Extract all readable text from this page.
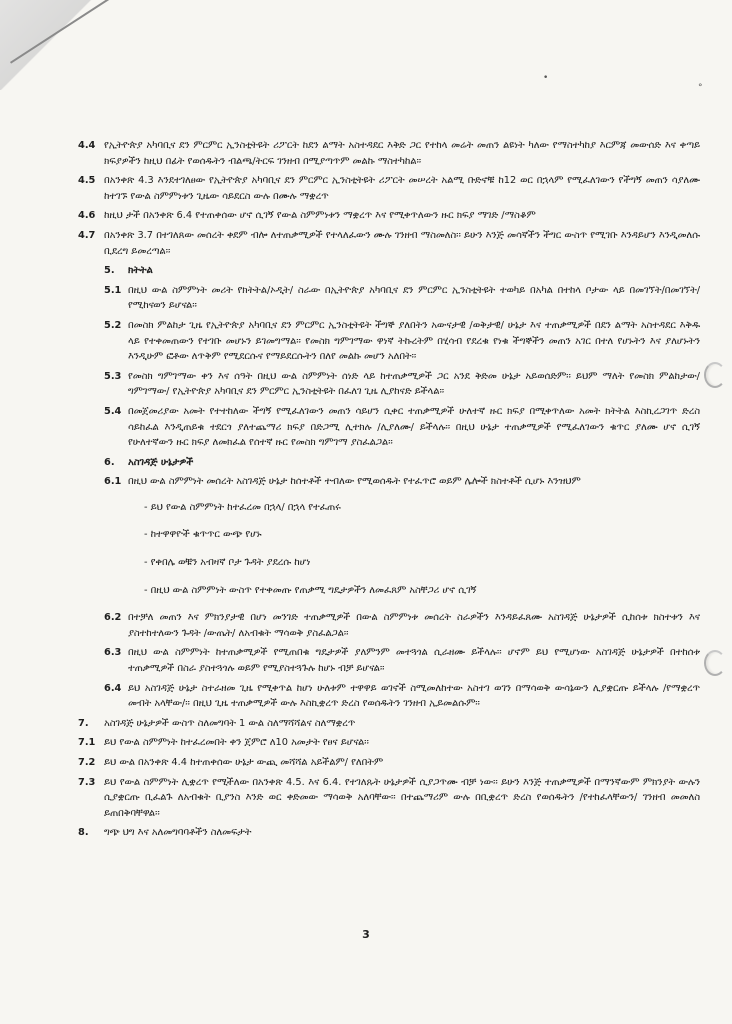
•
°
4.4 የኢትዮጵያ አካባቢና ደን ምርምር ኢንስቲትዩት ሪፖርት ከደን ልማት አስተዳደር እቅድ ጋር የተከላ መሬት መጠን ልዩነት ካለው የማስተካከያ እርምጃ መውሰድ እና ቀጣይ ክፍያዎችን ከዚህ በፊት የወሰዱትን ብልጫ/ትርፍ ገንዘብ በሚያጣጥም መልኩ ማስተካከል፡፡
4.5 በአንቀጽ 4.3 እንደተገለፀው የኢትዮጵያ አካባቢና ደን ምርምር ኢንስቲትዩት ሪፖርት መሠረት አልሚ ቡድኖቹ ከ12 ወር በኋላም የሚፈለገውን የችግኝ መጠን ሳያለሙ ከተገኙ የውል ስምምነቱን ጊዜው ሳይደርስ ውሉ በሙሉ ማቋረጥ
4.6 ከዚህ ታች በአንቀጽ 6.4 የተጠቀሰው ሆኖ ሲገኝ የውል ስምምነቱን ማቋረጥ እና የሚቀጥለውን ዙር ክፍያ ማገድ /ማስቆም
4.7 በአንቀጽ 3.7 በተገለጸው መሰረት ቀደም ብሎ ለተጠቃሚዎች የተላለፈውን ሙሉ ገንዘብ ማስመለስ፡፡ ይሁን እንጅ መሳኛችን ችግር ውስጥ የሚገቡ እንዳይሆን እንዲመለሱ ቢደረግ ይመረጣል፡፡
5.	ክትትል
5.1 በዚህ ውል ስምምነት መሪት የክትትል/ኦዲት/ ስራው በኢትዮጵያ አካባቢና ደን ምርምር ኢንስቲትዩት ተወካይ በአካል በተከላ ቦታው ላይ በመገኘት/በመገኘት/ የሚከናወን ይሆናል፡፡
5.2 በመስክ ምልከታ ጊዜ የኢትዮጵያ አካባቢና ደን ምርምር ኢንስቲትዩት ችግኞ ያለበትን አውናታዊ /ወቅታዊ/ ሁኔታ እና ተጠቃሚዎች በደን ልማት አስተዳደር እቅዱ ላይ የተቀመጠውን የተገቡ መሆኑን ይገመግማል፡፡ የመስክ ግምገማው ዋነኛ ትኩረትም በሂሳብ የደረቁ የነቁ ችግኞችን መጠን አገር በተለ የሆኑትን እና ያለሆኑትን እንዲሁም ፎቶው ለጥቅም የሚደርሱና የማይደርሱትን በለየ መልኩ መሆን አለበት፡፡
5.3 የመስክ ግምገማው ቀን እና ሰዓት በዚህ ውል ስምምነት ሰነድ ላይ ከተጠቃሚዎች ጋር አንደ ቅድመ ሁኔታ አይወሰድም፡፡ ይህም ማለት የመስክ ምልከታው/ግምገማው/ የኢትዮጵያ አካባቢና ደን ምርምር ኢንስቲትዩት በፈለገ ጊዜ ሊያከናድ ይችላል፡፡
5.4 በመጀመሪያው አመት የተተከለው ችግኝ የሚፈለገውን መጠን ሳይሆን ሲቀር ተጠቃሚዎች ሁለተኛ ዙር ክፍያ በሚቀጥለው አመት ክትትል እስኪረጋገጥ ድረስ ሳይከፈል እንዲጠይቁ ተደርጎ ያለተጨማሪ ክፍያ በድጋሚ ሊተክሉ /ሊያለሙ/ ይችላሉ፡፡ በዚህ ሁኔታ ተጠቃሚዎች የሚፈለገውን ቁጥር ያለሙ ሆኖ ሲገኝ የሁለተኛውን ዙር ክፍያ ለመክፈል የሰተኛ ዙር የመስክ ግምገማ ያስፈልጋል፡፡
6.	አስገዳጅ ሁኔታዎች
6.1 በዚህ ውል ስምምነት መሰረት አስገዳጅ ሁኔታ ከሰተቶች ተብለው የሚወሰዱት የተፈጥሮ ወይም ሌሎች ክስተቶች ሲሆኑ እንዝህም
- ይህ የውል ስምምነት ከተፈረመ በኋላ/ በኋላ የተፈጠሩ
- ከተዋዋዮች ቁጥጥር ውጭ የሆኑ
- የቀበሌ ወቹን አብዛኛ ቦታ ጉዳት ያደረሱ ከሆነ
- በዚህ ውል ስምምነት ውስጥ የተቀመጡ የጠቃሚ ግዴታዎችን ለመፈጸም አስቸጋሪ ሆኖ ሲገኝ
6.2 በተቻለ መጠን እና ምክንያታዊ በሆነ መንገድ ተጠቃሚዎች በውል ስምምነቱ መሰረት ስራዎችን እንዳይፈጸሙ አስገዳጅ ሁኔታዎች ሲከሰቱ ክስተቱን እና ያስተከተለውን ጉዳት /ውጤት/ ለአብቁት ማሳወቅ ያስፈልጋል፡፡
6.3 በዚህ ውል ስምምነት ከተጠቃሚዎች የሚጠበቁ ግዴታዎች ያለምንም መተጓጎል ሲራዘሙ ይችላሉ፡፡ ሆኖም ይህ የሚሆነው አስገዳጅ ሁኔታዎች በተከሰቱ ተጠቃሚዎች በስራ ያስተጓጎሉ ወይም የሚያስተጓጉሉ ከሆኑ ብቻ ይሆናል፡፡
6.4 ይህ አስገዳጅ ሁኔታ ስተራዘመ ጊዜ የሚቀጥል ከሆነ ሁለቱም ተዋዋይ ወገኖች ስሚመለከተው አስተገ ወገን በማሳወቅ ውሳኔውን ሊያቋርጡ ይችላሉ /የማቋረጥ መብት አላቸው/፡፡ በዚህ ጊዜ ተጠቃሚዎች ውሉ እስኪቋረጥ ድረስ የወሰዱትን ገንዘብ ኢይመልሱም፡፡
7.	አስገዳጅ ሁኔታዎች ውስጥ ስለመግባት 1 ውል ስለማሻሻልና ስለማቋረጥ
7.1 ይህ የውል ስምምነት ከተፈረመበት ቀን ጀምሮ ለ10 አመታት የፀና ይሆናል፡፡
7.2 ይህ ውል በአንቀጽ 4.4 ከተጠቀሰው ሁኔታ ውጪ መሻሻል አይችልም/ የለበትም
7.3 ይህ የውል ስምምነት ሊቋረጥ የሚችለው በአንቀጽ 4.5. እና 6.4. የተገለጹት ሁኔታዎች ሲያጋጥሙ ብቻ ነው፡፡ ይሁን እንጅ ተጠቃሚዎች በማንኛውም ምክንያት ውሉን ሲያቋርጡ ቢፈልጉ ለአብቁት ቢያንስ እንድ ወር ቀድመው ማሳወቅ አለባቸው፡፡ በተጨማሪም ውሉ በቢቋረጥ ድረስ የወሰዱትን /የተከፈላቸውን/ ገንዘብ መመለስ ይጠበቅባቸዋል፡፡
8.	ግጭ ህግ እና አለመግባባቶችን ስለመፍታት
3
